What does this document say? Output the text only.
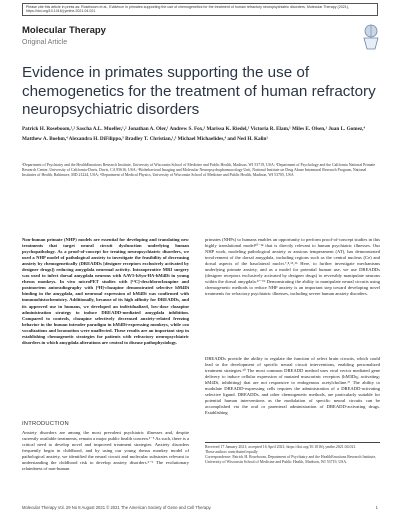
Please cite this article in press as: Roseboom et al., Evidence in primates supporting the use of chemogenetics for the treatment of human refractory neuropsychiatric disorders, Molecular Therapy (2021), https://doi.org/10.1016/j.ymthe.2021.04.021
Molecular Therapy
Original Article
Evidence in primates supporting the use of chemogenetics for the treatment of human refractory neuropsychiatric disorders
Patrick H. Roseboom,¹,² Sascha A.L. Mueller,¹,² Jonathan A. Oler,¹ Andrew S. Fox,³ Marissa K. Riedel,¹ Victoria R. Elam,¹ Miles E. Olsen,¹ Juan L. Gomez,⁴ Matthew A. Boehm,⁴ Alexandra H. DiFilippo,⁵ Bradley T. Christian,¹,⁵ Michael Michaelides,⁴ and Ned H. Kalin¹
¹Department of Psychiatry and the HealthEmotions Research Institute, University of Wisconsin School of Medicine and Public Health, Madison, WI 53719, USA; ²Department of Psychology and the California National Primate Research Center, University of California-Davis, Davis, CA 95616, USA; ³Biobehavioral Imaging and Molecular Neuropsychopharmacology Unit, National Institute on Drug Abuse Intramural Research Program, National Institutes of Health, Baltimore, MD 21224, USA; ⁴Department of Medical Physics, University of Wisconsin School of Medicine and Public Health, Madison, WI 53705, USA
Non-human primate (NHP) models are essential for developing and translating new treatments that target neural circuit dysfunction underlying human psychopathology. As a proof-of-concept for treating neuropsychiatric disorders, we used a NHP model of pathological anxiety to investigate the feasibility of decreasing anxiety by chemogenetically (DREADDs [designer receptors exclusively activated by designer drugs]) reducing amygdala neuronal activity. Intraoperative MRI surgery was used to infect dorsal amygdala neurons with AAV5-hSyn-HA-hM4Di in young rhesus monkeys. In vivo microPET studies with [¹¹C]-deschloroclozapine and postmortem autoradiography with [³H]-clozapine demonstrated selective hM4Di binding in the amygdala, and neuronal expression of hM4Di was confirmed with immunohistochemistry. Additionally, because of its high affinity for DREADDs, and its approved use in humans, we developed an individualized, low-dose clozapine administration strategy to induce DREADD-mediated amygdala inhibition. Compared to controls, clozapine selectively decreased anxiety-related freezing behavior in the human intruder paradigm in hM4Di-expressing monkeys, while coo vocalizations and locomotion were unaffected. These results are an important step in establishing chemogenetic strategies for patients with refractory neuropsychiatric disorders in which amygdala alterations are central to disease pathophysiology.
INTRODUCTION
Anxiety disorders are among the most prevalent psychiatric illnesses and, despite currently available treatments, remain a major public health concern.¹⁻⁵ As such, there is a critical need to develop novel and improved treatment strategies. Anxiety disorders frequently begin in childhood, and by using our young rhesus monkey model of pathological anxiety, we identified the neural circuit and molecular substrates relevant to understanding the childhood risk to develop anxiety disorders.⁶⁻⁹ The evolutionary relatedness of non-human
primates (NHPs) to humans enables an opportunity to perform proof-of-concept studies in this highly translational model¹⁰⁻¹⁴ that is directly relevant to human psychiatric illnesses. Our NHP work, modeling pathological anxiety or anxious temperament (AT), has demonstrated involvement of the dorsal amygdala, including regions such as the central nucleus (Ce) and dorsal aspects of the basolateral nuclei.⁷,⁸,¹⁵,¹⁶ Here, to further investigate mechanisms underlying primate anxiety, and as a model for potential human use, we use DREADDs (designer receptors exclusively activated by designer drugs) to reversibly manipulate neurons within the dorsal amygdala.¹⁷⁻¹⁹ Demonstrating the ability to manipulate neural circuits using chemogenetic methods to reduce NHP anxiety is an important step toward developing novel treatments for refractory psychiatric illnesses, including severe human anxiety disorders.
DREADDs provide the ability to regulate the function of select brain circuits, which could lead to the development of specific neural circuit interventions, enabling personalized treatment strategies.²⁰ The most common DREADD method uses viral vector mediated gene delivery to induce cellular expression of mutated muscarinic receptors (hM3Dq, activating; hM4Di, inhibiting) that are not responsive to endogenous acetylcholine.¹⁷ The ability to modulate DREADD-expressing cells requires the administration of a DREADD-activating selective ligand. DREADDs, and other chemogenetic methods, are particularly suitable for potential human interventions as the modulation of specific neural circuits can be accomplished via the oral or parenteral administration of DREADD-activating drugs. Establishing
Received 17 January 2021; accepted 16 April 2021; https://doi.org/10.1016/j.ymthe.2021.04.021.
These authors contributed equally
Correspondence: Patrick H. Roseboom, Department of Psychiatry and the HealthEmotions Research Institute, University of Wisconsin School of Medicine and Public Health, Madison, WI 53719, USA.
Molecular Therapy Vol. 29 No 8 August 2021 © 2021 The American Society of Gene and Cell Therapy.	1
